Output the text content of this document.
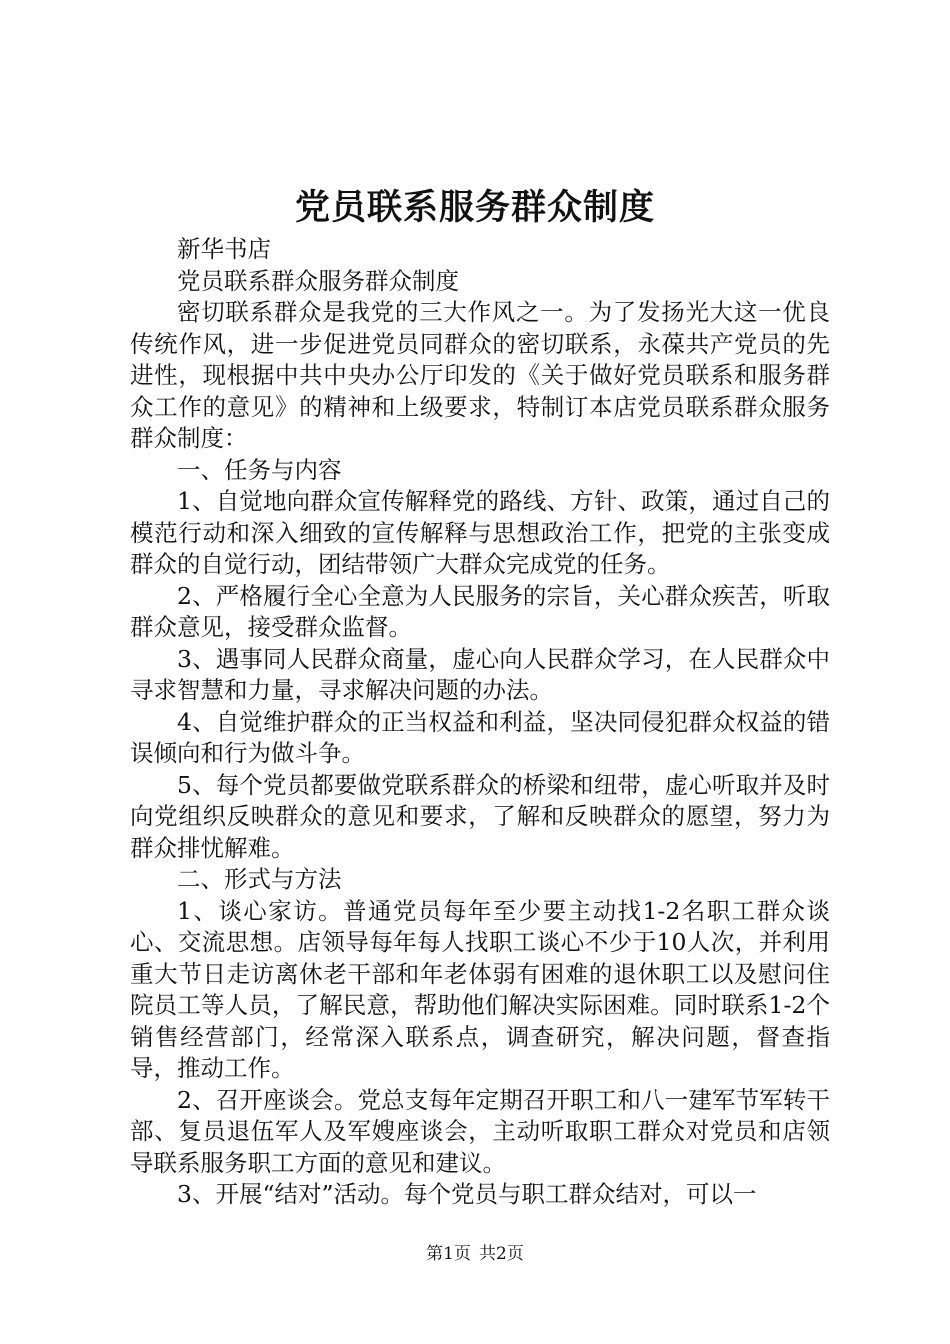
党员联系服务群众制度

新华书店

党员联系群众服务群众制度

密切联系群众是我党的三大作风之一。为了发扬光大这一优良传统作风，进一步促进党员同群众的密切联系，永葆共产党员的先进性，现根据中共中央办公厅印发的《关于做好党员联系和服务群众工作的意见》的精神和上级要求，特制订本店党员联系群众服务群众制度：

一、任务与内容

1、自觉地向群众宣传解释党的路线、方针、政策，通过自己的模范行动和深入细致的宣传解释与思想政治工作，把党的主张变成群众的自觉行动，团结带领广大群众完成党的任务。

2、严格履行全心全意为人民服务的宗旨，关心群众疾苦，听取群众意见，接受群众监督。

3、遇事同人民群众商量，虚心向人民群众学习，在人民群众中寻求智慧和力量，寻求解决问题的办法。

4、自觉维护群众的正当权益和利益，坚决同侵犯群众权益的错误倾向和行为做斗争。

5、每个党员都要做党联系群众的桥梁和纽带，虚心听取并及时向党组织反映群众的意见和要求，了解和反映群众的愿望，努力为群众排忧解难。

二、形式与方法

1、谈心家访。普通党员每年至少要主动找1-2名职工群众谈心、交流思想。店领导每年每人找职工谈心不少于10人次，并利用重大节日走访离休老干部和年老体弱有困难的退休职工以及慰问住院员工等人员，了解民意，帮助他们解决实际困难。同时联系1-2个销售经营部门，经常深入联系点，调查研究，解决问题，督查指导，推动工作。

2、召开座谈会。党总支每年定期召开职工和八一建军节军转干部、复员退伍军人及军嫂座谈会，主动听取职工群众对党员和店领导联系服务职工方面的意见和建议。

3、开展“结对”活动。每个党员与职工群众结对，可以一

第1页 共2页
